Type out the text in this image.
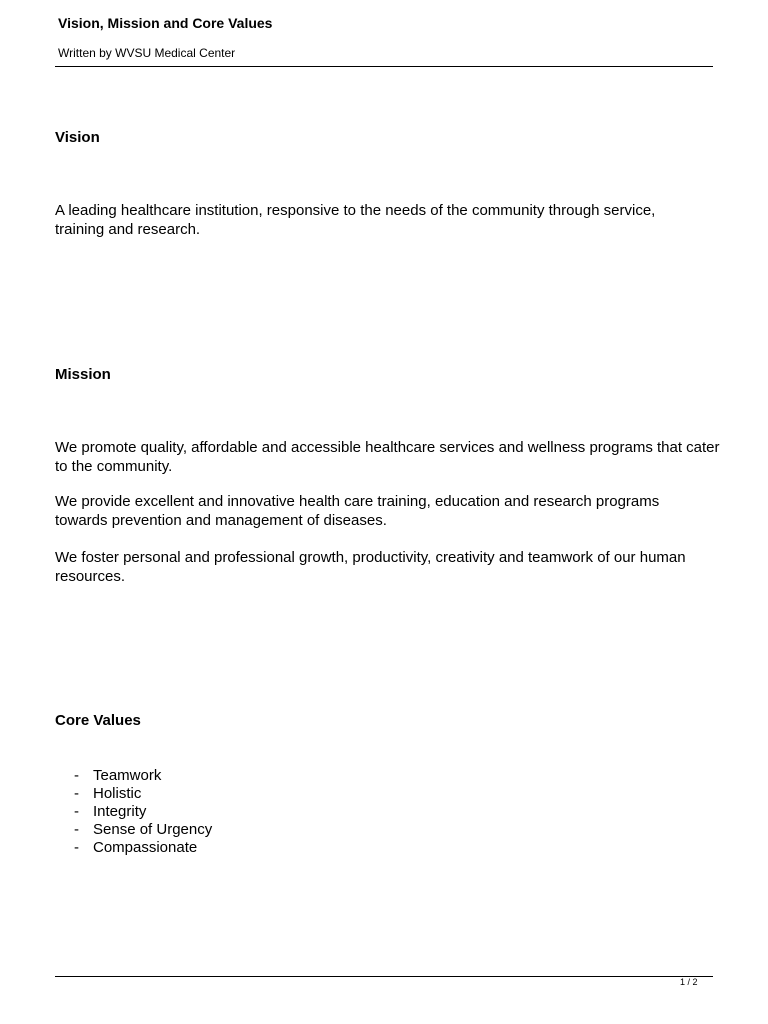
Vision, Mission and Core Values
Written by WVSU Medical Center
Vision

A leading healthcare institution, responsive to the needs of the community through service, training and research.

Mission

We promote quality, affordable and accessible healthcare services and wellness programs that cater to the community.

We provide excellent and innovative health care training, education and research programs towards prevention and management of diseases.

We foster personal and professional growth, productivity, creativity and teamwork of our human resources.

Core Values
- Teamwork
- Holistic
- Integrity
- Sense of Urgency
- Compassionate
1 / 2
